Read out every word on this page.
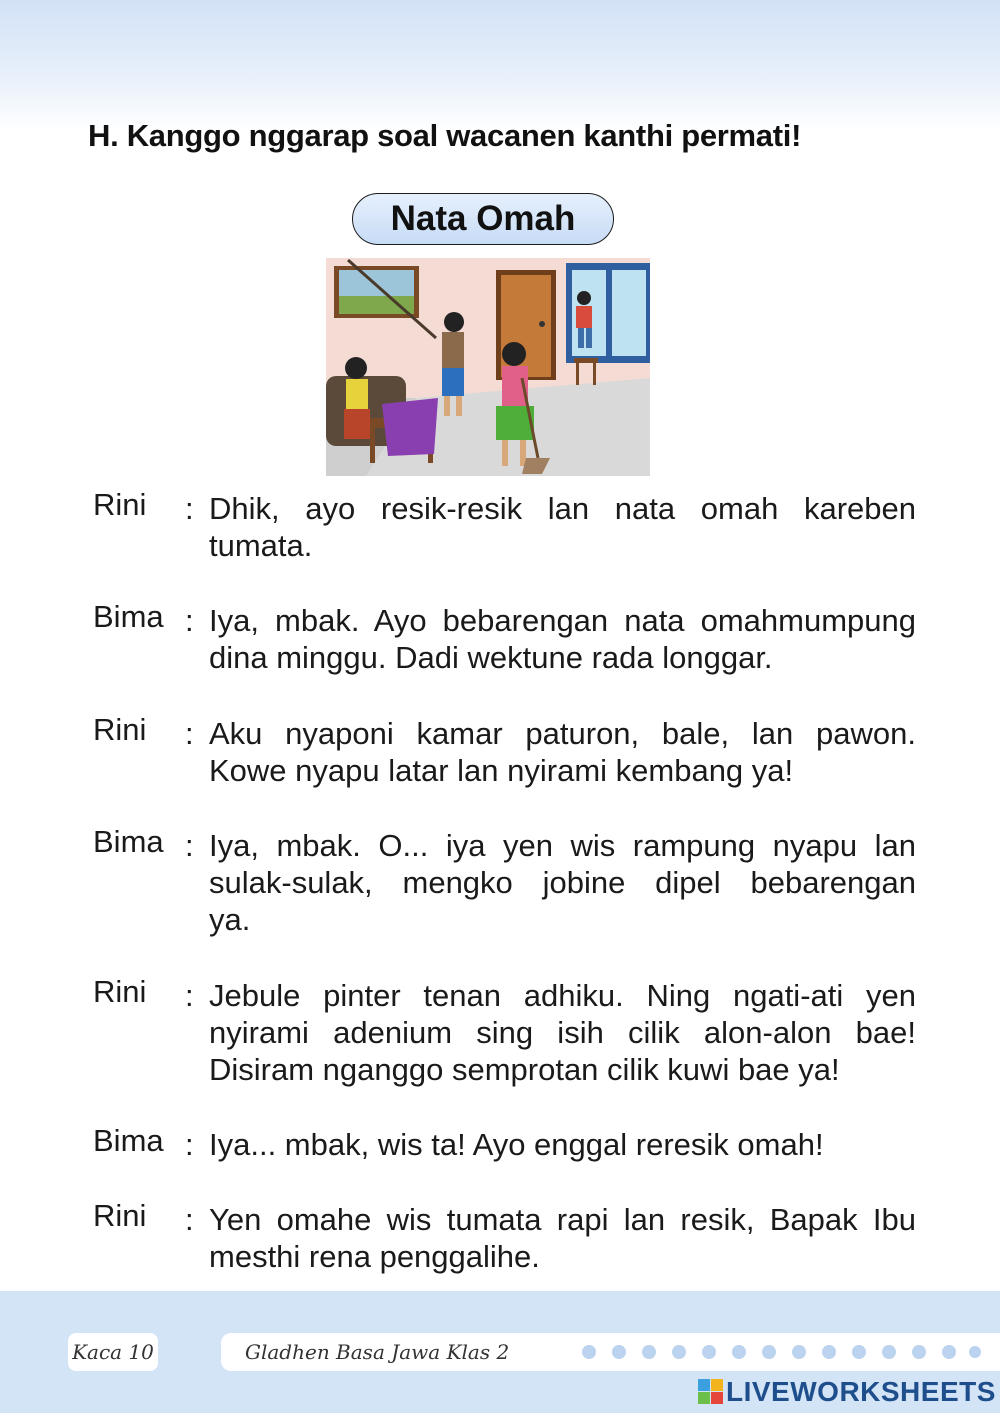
H. Kanggo nggarap soal wacanen kanthi permati!
Nata Omah
Rini : Dhik, ayo resik-resik lan nata omah kareben
tumata.
Bima : Iya, mbak. Ayo bebarengan nata omahmumpung
dina minggu. Dadi wektune rada longgar.
Rini : Aku nyaponi kamar paturon, bale, lan pawon.
Kowe nyapu latar lan nyirami kembang ya!
Bima : Iya, mbak. O... iya yen wis rampung nyapu lan
sulak-sulak, mengko jobine dipel bebarengan
ya.
Rini : Jebule pinter tenan adhiku. Ning ngati-ati yen
nyirami adenium sing isih cilik alon-alon bae!
Disiram nganggo semprotan cilik kuwi bae ya!
Bima : Iya... mbak, wis ta! Ayo enggal reresik omah!
Rini : Yen omahe wis tumata rapi lan resik, Bapak Ibu
mesthi rena penggalihe.
Kaca 10	Gladhen Basa Jawa Klas 2
LIVEWORKSHEETS
